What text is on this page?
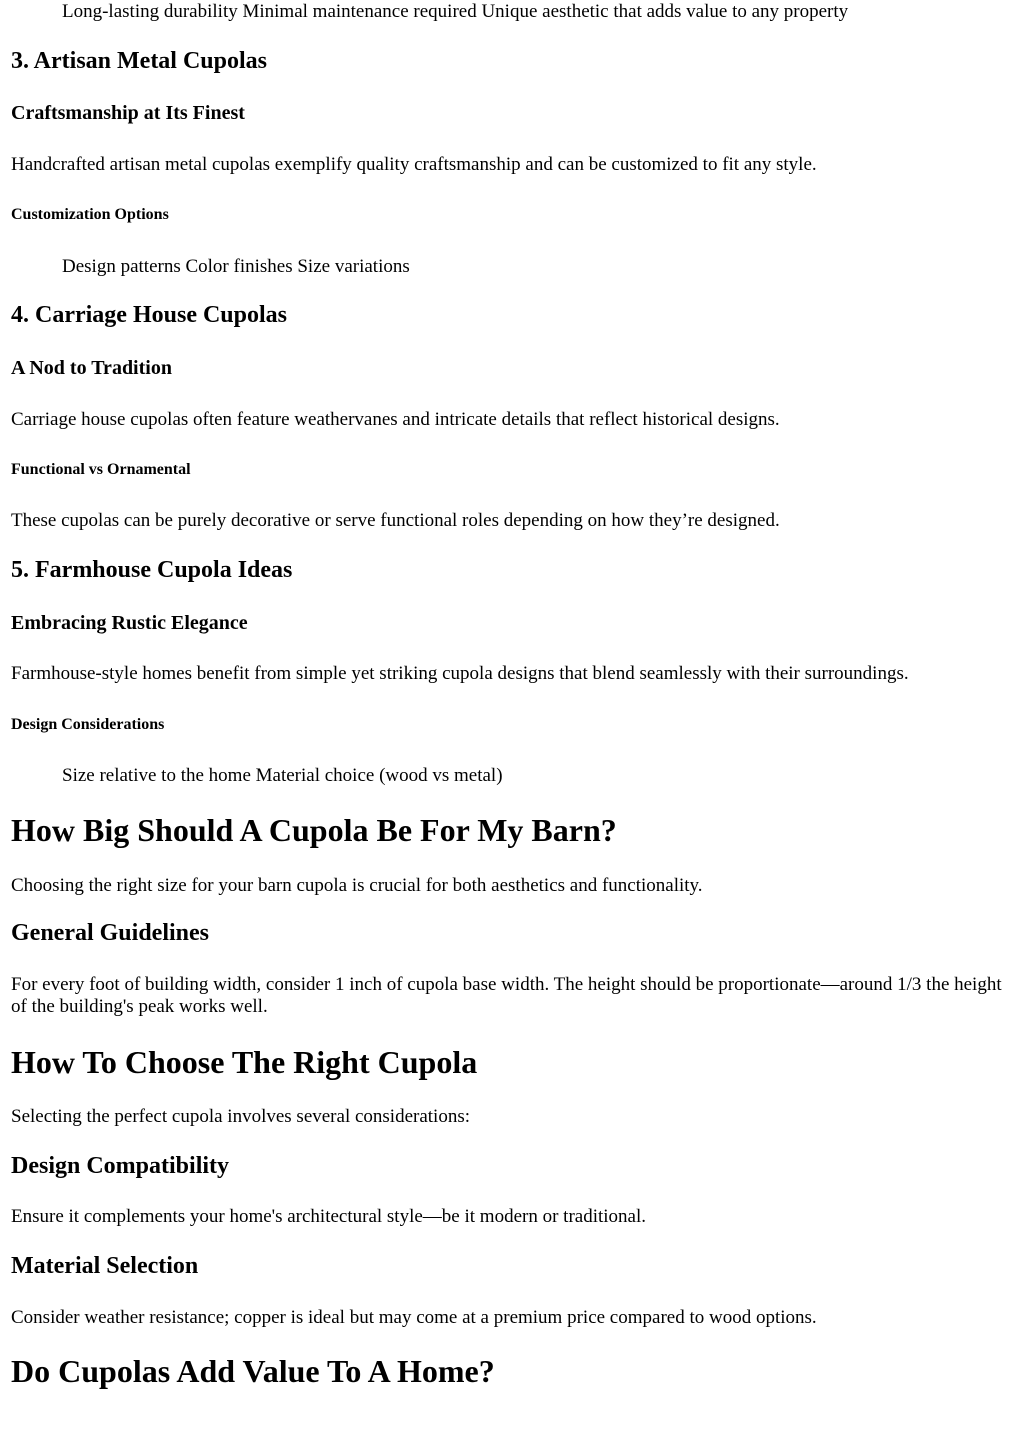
Long-lasting durability Minimal maintenance required Unique aesthetic that adds value to any property

3. Artisan Metal Cupolas
Craftsmanship at Its Finest

Handcrafted artisan metal cupolas exemplify quality craftsmanship and can be customized to fit any style.

Customization Options

Design patterns Color finishes Size variations

4. Carriage House Cupolas
A Nod to Tradition

Carriage house cupolas often feature weathervanes and intricate details that reflect historical designs.

Functional vs Ornamental

These cupolas can be purely decorative or serve functional roles depending on how they’re designed.

5. Farmhouse Cupola Ideas
Embracing Rustic Elegance

Farmhouse-style homes benefit from simple yet striking cupola designs that blend seamlessly with their surroundings.

Design Considerations

Size relative to the home Material choice (wood vs metal)

How Big Should A Cupola Be For My Barn?

Choosing the right size for your barn cupola is crucial for both aesthetics and functionality.

General Guidelines

For every foot of building width, consider 1 inch of cupola base width. The height should be proportionate—around 1/3 the height of the building's peak works well.

How To Choose The Right Cupola

Selecting the perfect cupola involves several considerations:

Design Compatibility

Ensure it complements your home's architectural style—be it modern or traditional.

Material Selection

Consider weather resistance; copper is ideal but may come at a premium price compared to wood options.

Do Cupolas Add Value To A Home?
